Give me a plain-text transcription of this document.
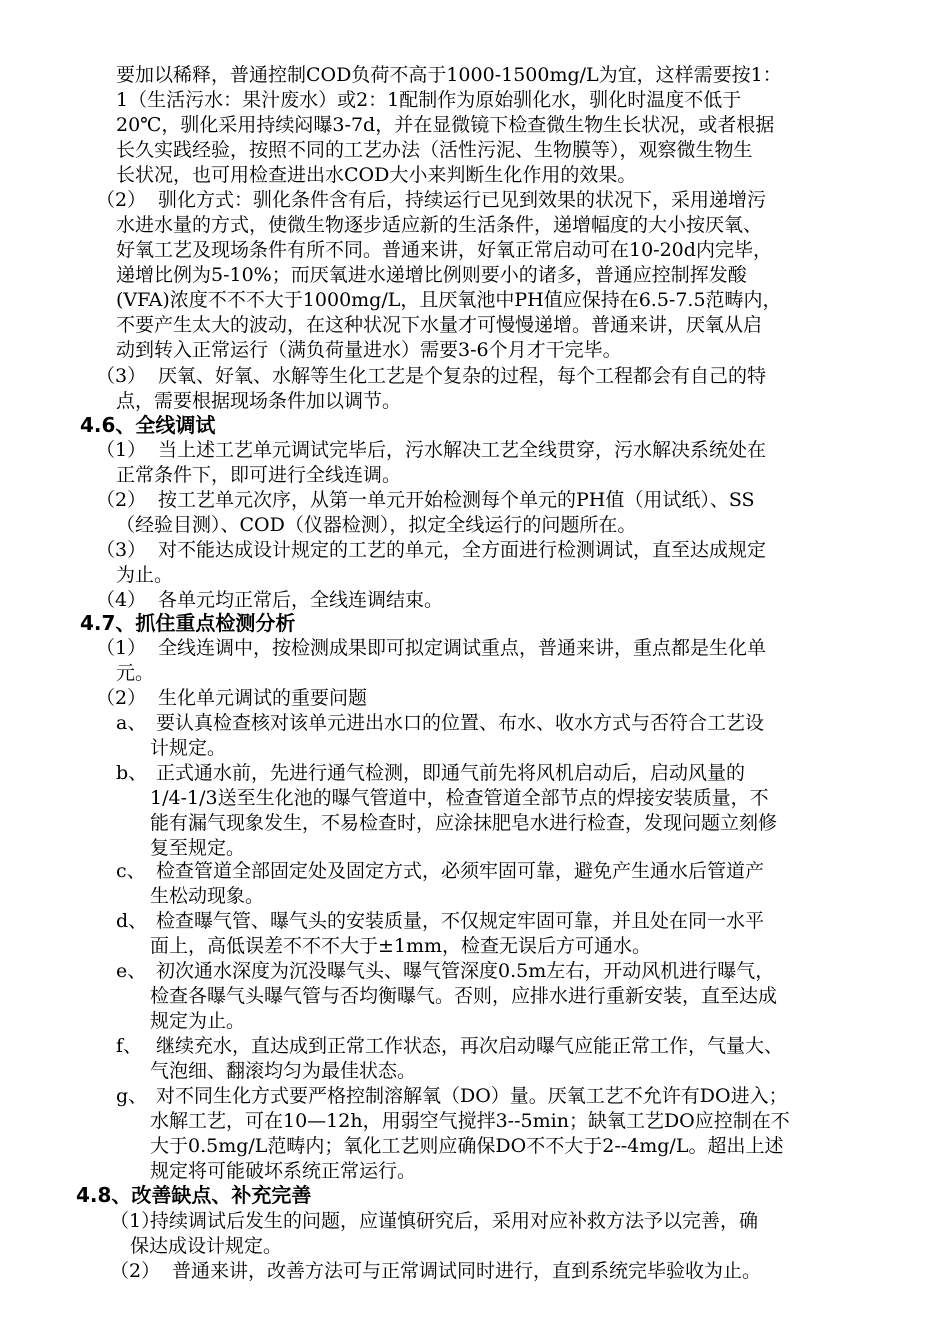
要加以稀释，普通控制COD负荷不高于1000-1500mg/L为宜，这样需要按1：
1（生活污水：果汁废水）或2：1配制作为原始驯化水，驯化时温度不低于
20℃，驯化采用持续闷曝3-7d，并在显微镜下检查微生物生长状况，或者根据
长久实践经验，按照不同的工艺办法（活性污泥、生物膜等），观察微生物生
长状况，也可用检查进出水COD大小来判断生化作用的效果。
（2） 驯化方式：驯化条件含有后，持续运行已见到效果的状况下，采用递增污
水进水量的方式，使微生物逐步适应新的生活条件，递增幅度的大小按厌氧、
好氧工艺及现场条件有所不同。普通来讲，好氧正常启动可在10-20d内完毕，
递增比例为5-10%；而厌氧进水递增比例则要小的诸多，普通应控制挥发酸
(VFA)浓度不不不大于1000mg/L，且厌氧池中PH值应保持在6.5-7.5范畴内，
不要产生太大的波动，在这种状况下水量才可慢慢递增。普通来讲，厌氧从启
动到转入正常运行（满负荷量进水）需要3-6个月才干完毕。
（3） 厌氧、好氧、水解等生化工艺是个复杂的过程，每个工程都会有自己的特
点，需要根据现场条件加以调节。
4.6、全线调试
（1） 当上述工艺单元调试完毕后，污水解决工艺全线贯穿，污水解决系统处在
正常条件下，即可进行全线连调。
（2） 按工艺单元次序，从第一单元开始检测每个单元的PH值（用试纸）、SS
（经验目测）、COD（仪器检测），拟定全线运行的问题所在。
（3） 对不能达成设计规定的工艺的单元，全方面进行检测调试，直至达成规定
为止。
（4） 各单元均正常后，全线连调结束。
4.7、抓住重点检测分析
（1） 全线连调中，按检测成果即可拟定调试重点，普通来讲，重点都是生化单
元。
（2） 生化单元调试的重要问题
a、 要认真检查核对该单元进出水口的位置、布水、收水方式与否符合工艺设
计规定。
b、 正式通水前，先进行通气检测，即通气前先将风机启动后，启动风量的
1/4-1/3送至生化池的曝气管道中，检查管道全部节点的焊接安装质量，不
能有漏气现象发生，不易检查时，应涂抹肥皂水进行检查，发现问题立刻修
复至规定。
c、 检查管道全部固定处及固定方式，必须牢固可靠，避免产生通水后管道产
生松动现象。
d、 检查曝气管、曝气头的安装质量，不仅规定牢固可靠，并且处在同一水平
面上，高低误差不不不大于±1mm，检查无误后方可通水。
e、 初次通水深度为沉没曝气头、曝气管深度0.5m左右，开动风机进行曝气，
检查各曝气头曝气管与否均衡曝气。否则，应排水进行重新安装，直至达成
规定为止。
f、 继续充水，直达成到正常工作状态，再次启动曝气应能正常工作，气量大、
气泡细、翻滚均匀为最佳状态。
g、 对不同生化方式要严格控制溶解氧（DO）量。厌氧工艺不允许有DO进入；
水解工艺，可在10—12h，用弱空气搅拌3--5min；缺氧工艺DO应控制在不
大于0.5mg/L范畴内；氧化工艺则应确保DO不不大于2--4mg/L。超出上述
规定将可能破坏系统正常运行。
4.8、改善缺点、补充完善
（1）
持续调试后发生的问题，应谨慎研究后，采用对应补救方法予以完善，确
保达成设计规定。
（2） 普通来讲，改善方法可与正常调试同时进行，直到系统完毕验收为止。
